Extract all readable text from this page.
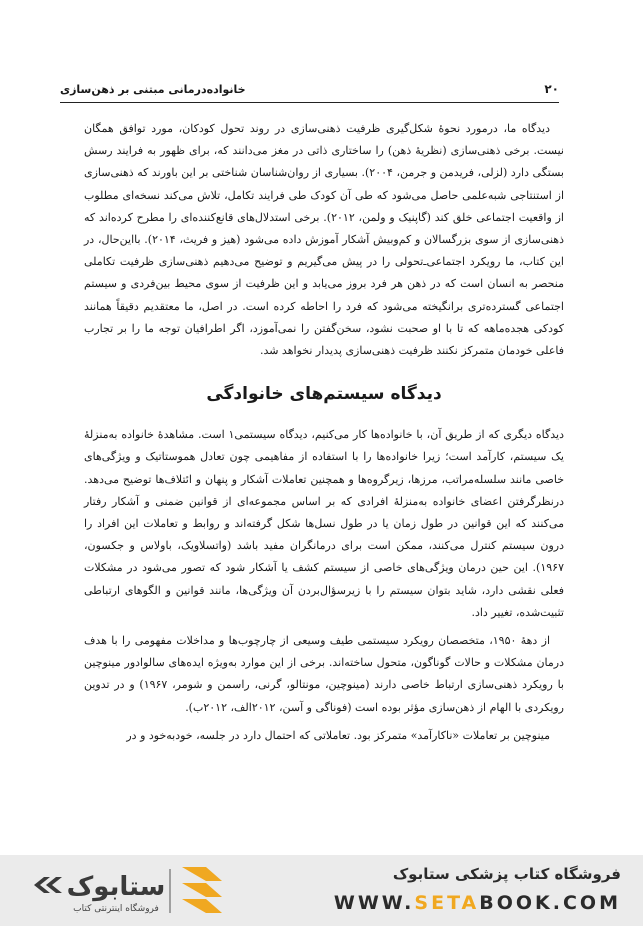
۲۰
خانواده‌درمانی مبتنی بر ذهن‌سازی

دیدگاه ما، درمورد نحوهٔ شکل‌گیری ظرفیت ذهنی‌سازی در روند تحول کودکان، مورد توافق همگان نیست. برخی ذهنی‌سازی (نظریهٔ ذهن) را ساختاری ذاتی در مغز می‌دانند که، برای ظهور به فرایند رسش بستگی دارد (لزلی، فریدمن و جرمن، ۲۰۰۴). بسیاری از روان‌شناسان شناختی بر این باورند که ذهنی‌سازی از استنتاجی شبه‌علمی حاصل می‌شود که طی آن کودک طی فرایند تکامل، تلاش می‌کند نسخه‌ای مطلوب از واقعیت اجتماعی خلق کند (گاپنیک و ولمن، ۲۰۱۲). برخی استدلال‌های قانع‌کننده‌ای را مطرح کرده‌اند که ذهنی‌سازی از سوی بزرگسالان و کم‌وبیش آشکار آموزش داده می‌شود (هیز و فریث، ۲۰۱۴). بااین‌حال، در این کتاب، ما رویکرد اجتماعی‌ـ‌تحولی را در پیش می‌گیریم و توضیح می‌دهیم ذهنی‌سازی ظرفیت تکاملی منحصر به انسان است که در ذهن هر فرد بروز می‌یابد و این ظرفیت از سوی محیط بین‌فردی و سیستم اجتماعی گسترده‌تری برانگیخته می‌شود که فرد را احاطه کرده است. در اصل، ما معتقدیم دقیقاً همانند کودکی هجده‌ماهه که تا با او صحبت نشود، سخن‌گفتن را نمی‌آموزد، اگر اطرافیان توجه ما را بر تجارب فاعلی خودمان متمرکز نکنند ظرفیت ذهنی‌سازی پدیدار نخواهد شد.

دیدگاه سیستم‌های خانوادگی

دیدگاه دیگری که از طریق آن، با خانواده‌ها کار می‌کنیم، دیدگاه سیستمی۱ است. مشاهدهٔ خانواده به‌منزلهٔ یک سیستم، کارآمد است؛ زیرا خانواده‌ها را با استفاده از مفاهیمی چون تعادل هموستاتیک و ویژگی‌های خاصی مانند سلسله‌مراتب، مرزها، زیرگروه‌ها و همچنین تعاملات آشکار و پنهان و ائتلاف‌ها توضیح می‌دهد. درنظرگرفتن اعضای خانواده به‌منزلهٔ افرادی که بر اساس مجموعه‌ای از قوانین ضمنی و آشکار رفتار می‌کنند که این قوانین در طول زمان یا در طول نسل‌ها شکل گرفته‌اند و روابط و تعاملات این افراد را درون سیستم کنترل می‌کنند، ممکن است برای درمانگران مفید باشد (واتسلاویک، باولاس و جکسون، ۱۹۶۷). این حین درمان ویژگی‌های خاصی از سیستم کشف یا آشکار شود که تصور می‌شود در مشکلات فعلی نقشی دارد، شاید بتوان سیستم را با زیرسؤال‌بردن آن ویژگی‌ها، مانند قوانین و الگوهای ارتباطی تثبیت‌شده، تغییر داد.

از دههٔ ۱۹۵۰، متخصصان رویکرد سیستمی طیف وسیعی از چارچوب‌ها و مداخلات مفهومی را با هدف درمان مشکلات و حالات گوناگون، متحول ساخته‌اند. برخی از این موارد به‌ویژه ایده‌های سالوادور مینوچین با رویکرد ذهنی‌سازی ارتباط خاصی دارند (مینوچین، مونتالو، گرنی، راسمن و شومر، ۱۹۶۷) و در تدوین رویکردی با الهام از ذهن‌سازی مؤثر بوده است (فوناگی و آسن، ۲۰۱۲الف، ۲۰۱۲ب).

مینوچین بر تعاملات «ناکارآمد» متمرکز بود. تعاملاتی که احتمال دارد در جلسه، خودبه‌خود و در

ستابوک
فروشگاه اینترنتی کتاب
فروشگاه کتاب پزشکی ستابوک
WWW.SETABOOK.COM
